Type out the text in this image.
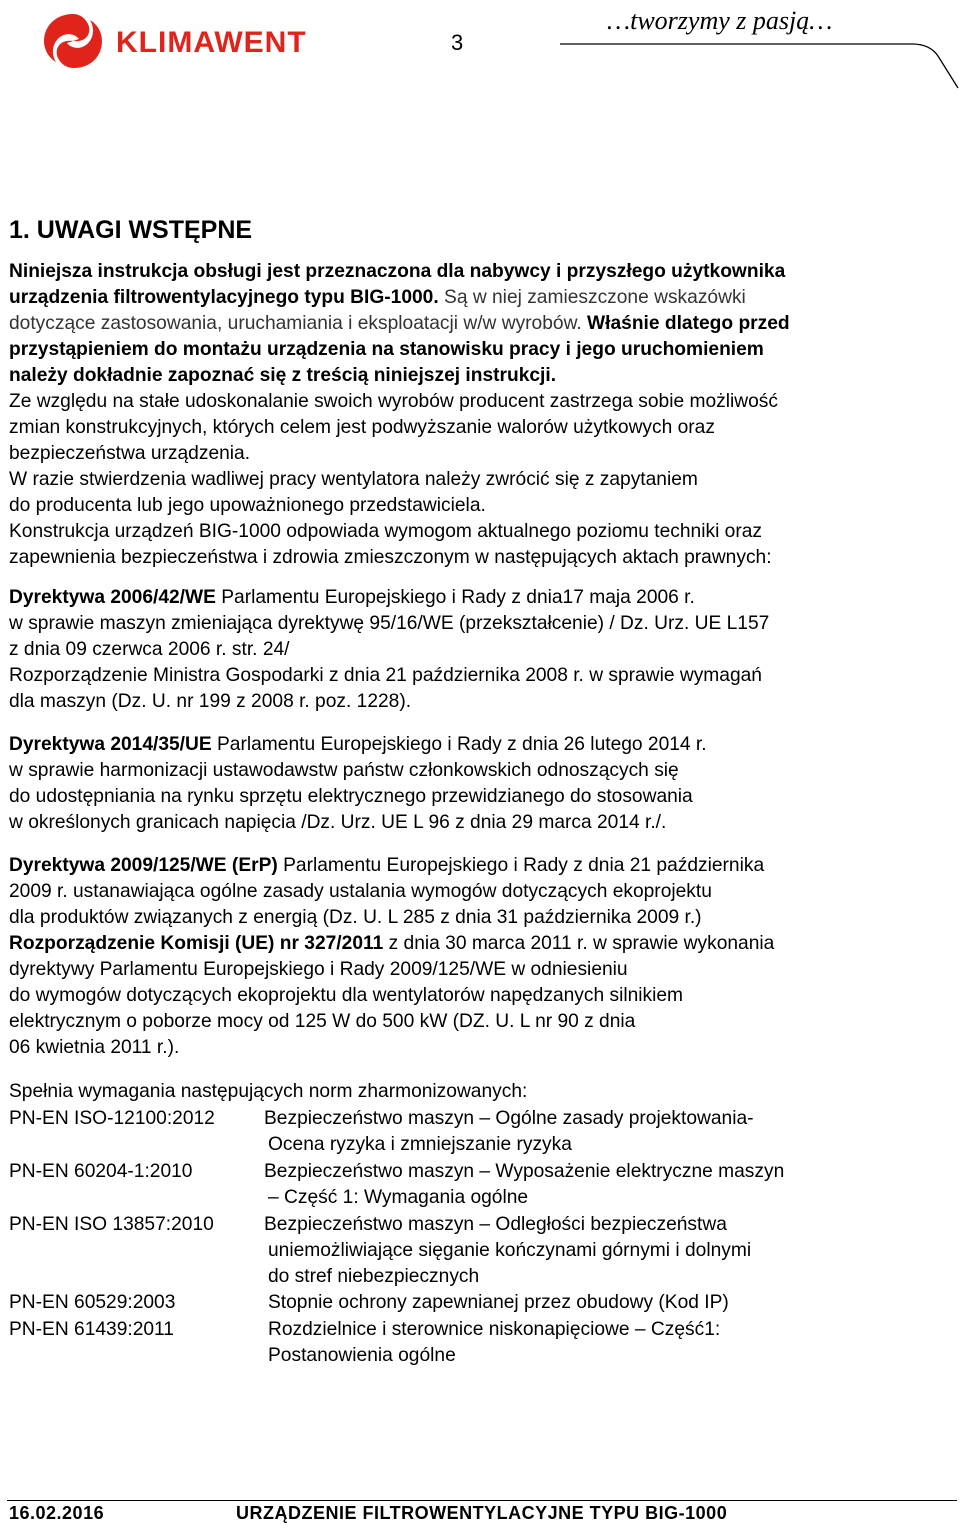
KLIMAWENT	3
…tworzymy z pasją…
1. UWAGI WSTĘPNE
Niniejsza instrukcja obsługi jest przeznaczona dla nabywcy i przyszłego użytkownika
urządzenia filtrowentylacyjnego typu BIG-1000. Są w niej zamieszczone wskazówki
dotyczące zastosowania, uruchamiania i eksploatacji w/w wyrobów. Właśnie dlatego przed
przystąpieniem do montażu urządzenia na stanowisku pracy i jego uruchomieniem
należy dokładnie zapoznać się z treścią niniejszej instrukcji.
Ze względu na stałe udoskonalanie swoich wyrobów producent zastrzega sobie możliwość
zmian konstrukcyjnych, których celem jest podwyższanie walorów użytkowych oraz
bezpieczeństwa urządzenia.
W razie stwierdzenia wadliwej pracy wentylatora należy zwrócić się z zapytaniem
do producenta lub jego upoważnionego przedstawiciela.
Konstrukcja urządzeń BIG-1000 odpowiada wymogom aktualnego poziomu techniki oraz
zapewnienia bezpieczeństwa i zdrowia zmieszczonym w następujących aktach prawnych:
Dyrektywa 2006/42/WE Parlamentu Europejskiego i Rady z dnia17 maja 2006 r.
w sprawie maszyn zmieniająca dyrektywę 95/16/WE (przekształcenie) / Dz. Urz. UE L157
z dnia 09 czerwca 2006 r. str. 24/
Rozporządzenie Ministra Gospodarki z dnia 21 października 2008 r. w sprawie wymagań
dla maszyn (Dz. U. nr 199 z 2008 r. poz. 1228).
Dyrektywa 2014/35/UE Parlamentu Europejskiego i Rady z dnia 26 lutego 2014 r.
w sprawie harmonizacji ustawodawstw państw członkowskich odnoszących się
do udostępniania na rynku sprzętu elektrycznego przewidzianego do stosowania
w określonych granicach napięcia /Dz. Urz. UE L 96 z dnia 29 marca 2014 r./.
Dyrektywa 2009/125/WE (ErP) Parlamentu Europejskiego i Rady z dnia 21 października
2009 r. ustanawiająca ogólne zasady ustalania wymogów dotyczących ekoprojektu
dla produktów związanych z energią (Dz. U. L 285 z dnia 31 października 2009 r.)
Rozporządzenie Komisji (UE) nr 327/2011 z dnia 30 marca 2011 r. w sprawie wykonania
dyrektywy Parlamentu Europejskiego i Rady 2009/125/WE w odniesieniu
do wymogów dotyczących ekoprojektu dla wentylatorów napędzanych silnikiem
elektrycznym o poborze mocy od 125 W do 500 kW (DZ. U. L nr 90 z dnia
06 kwietnia 2011 r.).
Spełnia wymagania następujących norm zharmonizowanych:
PN-EN ISO-12100:2012	Bezpieczeństwo maszyn – Ogólne zasady projektowania-
Ocena ryzyka i zmniejszanie ryzyka
PN-EN 60204-1:2010	Bezpieczeństwo maszyn – Wyposażenie elektryczne maszyn
– Część 1: Wymagania ogólne
PN-EN ISO 13857:2010	Bezpieczeństwo maszyn – Odległości bezpieczeństwa
uniemożliwiające sięganie kończynami górnymi i dolnymi
do stref niebezpiecznych
PN-EN 60529:2003	Stopnie ochrony zapewnianej przez obudowy (Kod IP)
PN-EN 61439:2011	Rozdzielnice i sterownice niskonapięciowe – Część1:
Postanowienia ogólne
16.02.2016	URZĄDZENIE FILTROWENTYLACYJNE TYPU BIG-1000
